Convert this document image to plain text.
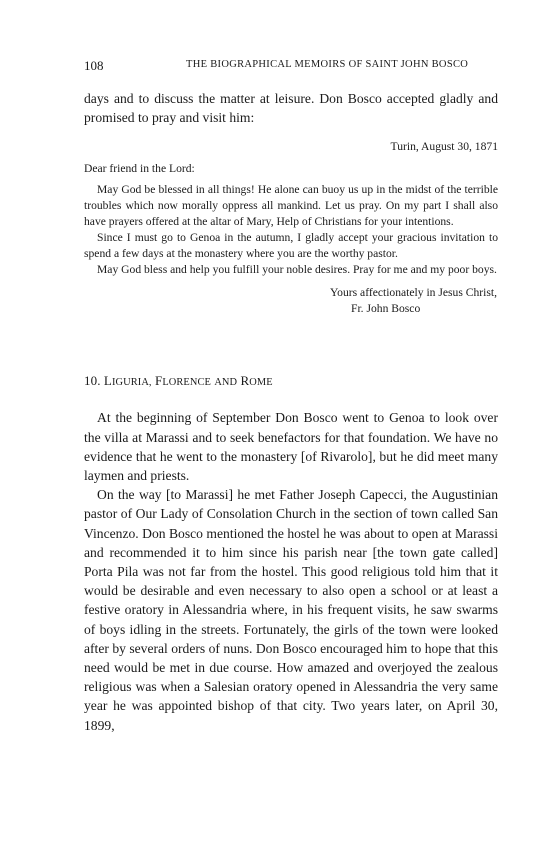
108	THE BIOGRAPHICAL MEMOIRS OF SAINT JOHN BOSCO

days and to discuss the matter at leisure. Don Bosco accepted gladly and promised to pray and visit him:

Turin, August 30, 1871

Dear friend in the Lord:

May God be blessed in all things! He alone can buoy us up in the midst of the terrible troubles which now morally oppress all mankind. Let us pray. On my part I shall also have prayers offered at the altar of Mary, Help of Christians for your intentions.

Since I must go to Genoa in the autumn, I gladly accept your gracious invitation to spend a few days at the monastery where you are the worthy pastor.

May God bless and help you fulfill your noble desires. Pray for me and my poor boys.

Yours affectionately in Jesus Christ,

Fr. John Bosco

10. LIGURIA, FLORENCE AND ROME

At the beginning of September Don Bosco went to Genoa to look over the villa at Marassi and to seek benefactors for that foundation. We have no evidence that he went to the monastery [of Rivarolo], but he did meet many laymen and priests.

On the way [to Marassi] he met Father Joseph Capecci, the Augustinian pastor of Our Lady of Consolation Church in the section of town called San Vincenzo. Don Bosco mentioned the hostel he was about to open at Marassi and recommended it to him since his parish near [the town gate called] Porta Pila was not far from the hostel. This good religious told him that it would be desirable and even necessary to also open a school or at least a festive oratory in Alessandria where, in his frequent visits, he saw swarms of boys idling in the streets. Fortunately, the girls of the town were looked after by several orders of nuns. Don Bosco encouraged him to hope that this need would be met in due course. How amazed and overjoyed the zealous religious was when a Salesian oratory opened in Alessandria the very same year he was appointed bishop of that city. Two years later, on April 30, 1899,
